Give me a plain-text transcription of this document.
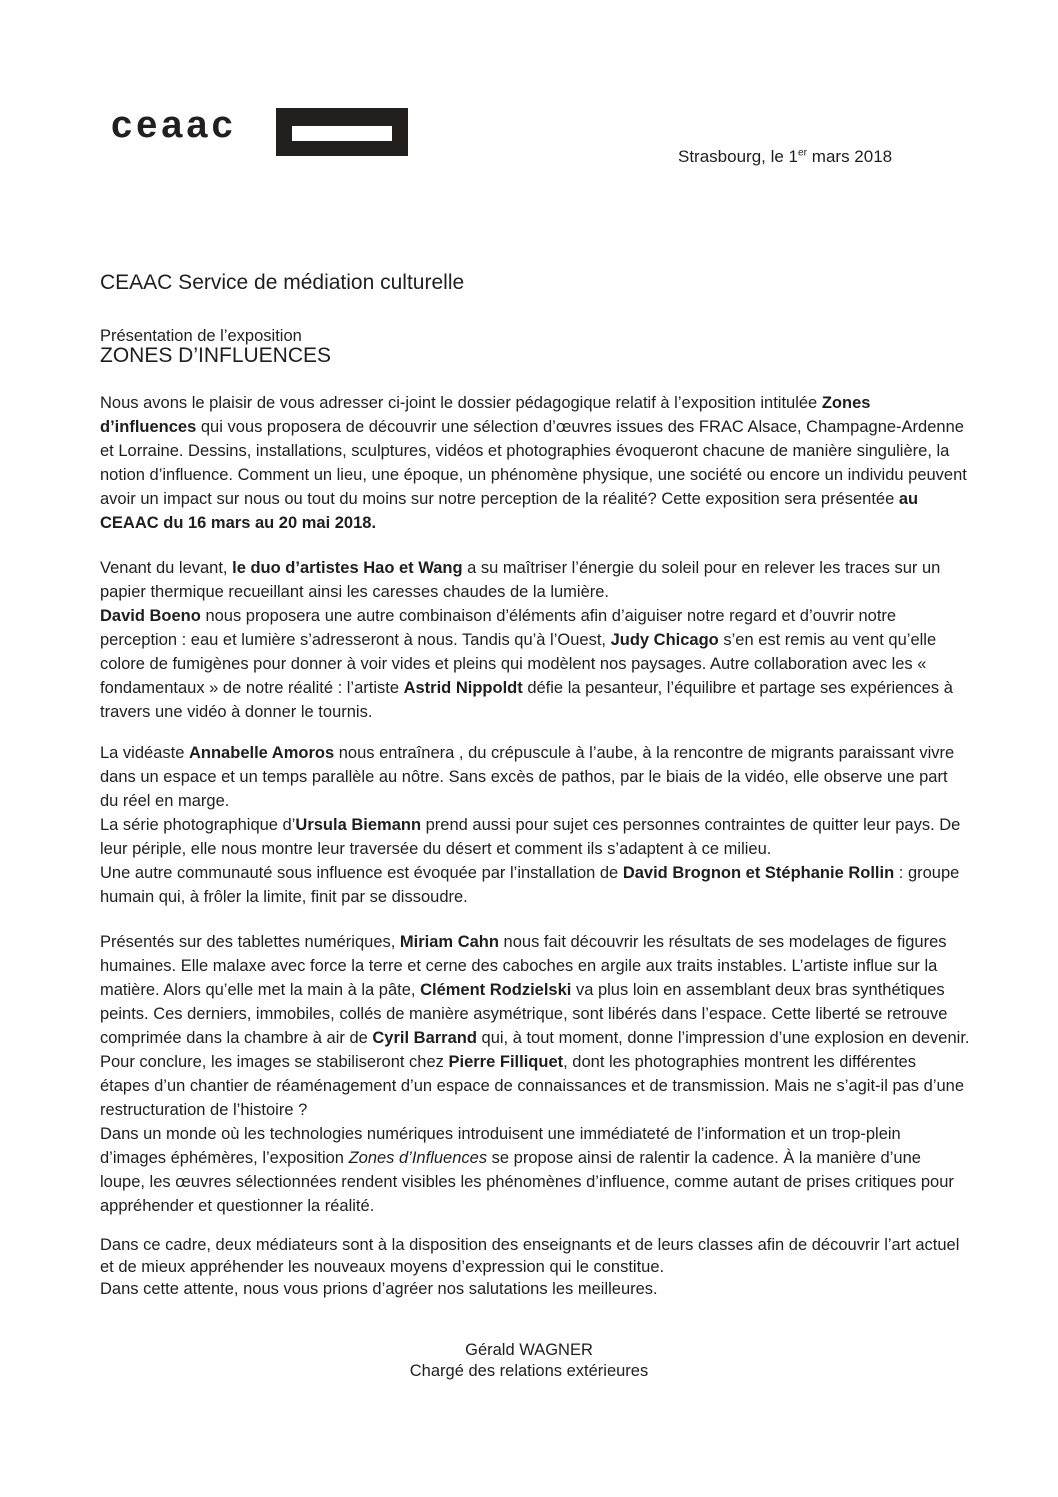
ceaac
Strasbourg, le 1er mars 2018
CEAAC Service de médiation culturelle
Présentation de l’exposition
ZONES D’INFLUENCES

Nous avons le plaisir de vous adresser ci-joint le dossier pédagogique relatif à l’exposition intitulée Zones d’influences qui vous proposera de découvrir une sélection d’œuvres issues des FRAC Alsace, Champagne-Ardenne et Lorraine. Dessins, installations, sculptures, vidéos et photographies évoqueront chacune de manière singulière, la notion d’influence. Comment un lieu, une époque, un phénomène physique, une société ou encore un individu peuvent avoir un impact sur nous ou tout du moins sur notre perception de la réalité? Cette exposition sera présentée au CEAAC du 16 mars au 20 mai 2018.

Venant du levant, le duo d’artistes Hao et Wang a su maîtriser l’énergie du soleil pour en relever les traces sur un papier thermique recueillant ainsi les caresses chaudes de la lumière.
David Boeno nous proposera une autre combinaison d’éléments afin d’aiguiser notre regard et d’ouvrir notre perception : eau et lumière s’adresseront à nous. Tandis qu’à l’Ouest, Judy Chicago s’en est remis au vent qu’elle colore de fumigènes pour donner à voir vides et pleins qui modèlent nos paysages. Autre collaboration avec les « fondamentaux » de notre réalité : l’artiste Astrid Nippoldt défie la pesanteur, l’équilibre et partage ses expériences à travers une vidéo à donner le tournis.

La vidéaste Annabelle Amoros nous entraînera , du crépuscule à l’aube, à la rencontre de migrants paraissant vivre dans un espace et un temps parallèle au nôtre. Sans excès de pathos, par le biais de la vidéo, elle observe une part du réel en marge.
La série photographique d’Ursula Biemann prend aussi pour sujet ces personnes contraintes de quitter leur pays. De leur périple, elle nous montre leur traversée du désert et comment ils s’adaptent à ce milieu.
Une autre communauté sous influence est évoquée par l’installation de David Brognon et Stéphanie Rollin : groupe humain qui, à frôler la limite, finit par se dissoudre.

Présentés sur des tablettes numériques, Miriam Cahn nous fait découvrir les résultats de ses modelages de figures humaines. Elle malaxe avec force la terre et cerne des caboches en argile aux traits instables. L’artiste influe sur la matière. Alors qu’elle met la main à la pâte, Clément Rodzielski va plus loin en assemblant deux bras synthétiques peints. Ces derniers, immobiles, collés de manière asymétrique, sont libérés dans l’espace. Cette liberté se retrouve comprimée dans la chambre à air de Cyril Barrand qui, à tout moment, donne l’impression d’une explosion en devenir. Pour conclure, les images se stabiliseront chez Pierre Filliquet, dont les photographies montrent les différentes étapes d’un chantier de réaménagement d’un espace de connaissances et de transmission. Mais ne s’agit-il pas d’une restructuration de l’histoire ?
Dans un monde où les technologies numériques introduisent une immédiateté de l’information et un trop-plein d’images éphémères, l’exposition Zones d’Influences se propose ainsi de ralentir la cadence. À la manière d’une loupe, les œuvres sélectionnées rendent visibles les phénomènes d’influence, comme autant de prises critiques pour appréhender et questionner la réalité.

Dans ce cadre, deux médiateurs sont à la disposition des enseignants et de leurs classes afin de découvrir l’art actuel et de mieux appréhender les nouveaux moyens d’expression qui le constitue.
Dans cette attente, nous vous prions d’agréer nos salutations les meilleures.

Gérald WAGNER
Chargé des relations extérieures
